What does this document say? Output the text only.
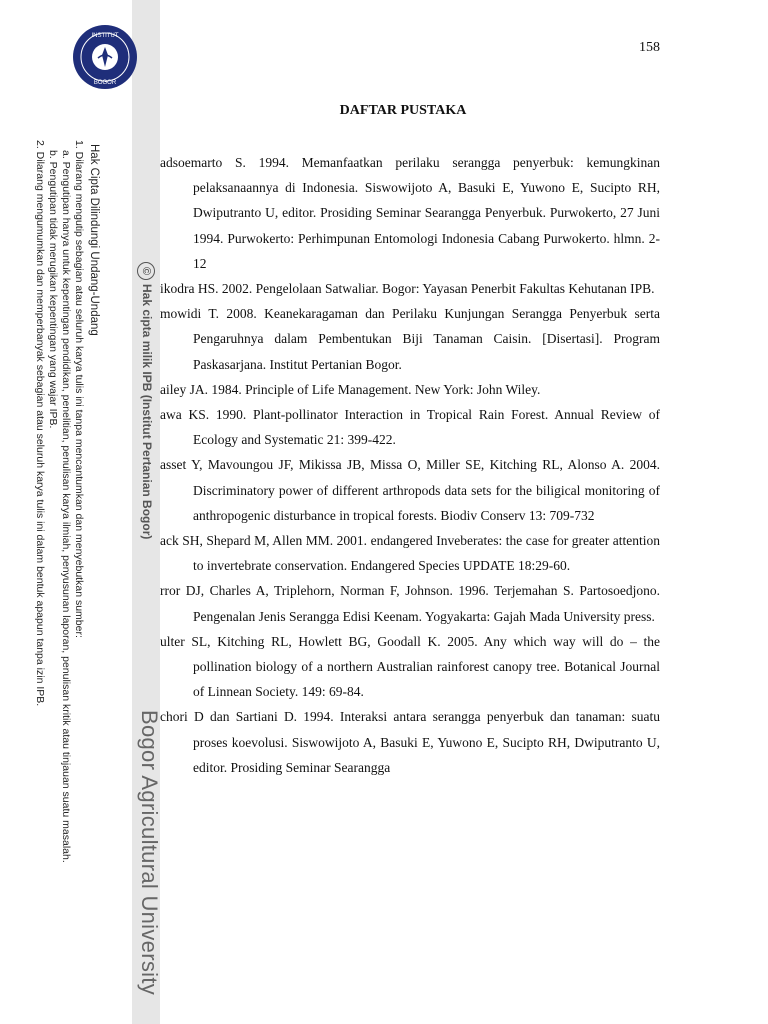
INSTITUT
BOGOR
Hak Cipta Dilindungi Undang-Undang
1. Dilarang mengutip sebagian atau seluruh karya tulis ini tanpa mencantumkan dan menyebutkan sumber:
a. Pengutipan hanya untuk kepentingan pendidikan, penelitian, penulisan karya ilmiah, penyusunan laporan, penulisan kritik atau tinjauan suatu masalah.
b. Pengutipan tidak merugikan kepentingan yang wajar IPB.
2. Dilarang mengumumkan dan memperbanyak sebagian atau seluruh karya tulis ini dalam bentuk apapun tanpa izin IPB.	©Hak cipta milik IPB (Institut Pertanian Bogor)
Bogor Agricultural University
158
DAFTAR PUSTAKA

adsoemarto S. 1994. Memanfaatkan perilaku serangga penyerbuk: kemungkinan pelaksanaannya di Indonesia. Siswowijoto A, Basuki E, Yuwono E, Sucipto RH, Dwiputranto U, editor. Prosiding Seminar Searangga Penyerbuk. Purwokerto, 27 Juni 1994. Purwokerto: Perhimpunan Entomologi Indonesia Cabang Purwokerto. hlmn. 2-12

ikodra HS. 2002. Pengelolaan Satwaliar. Bogor: Yayasan Penerbit Fakultas Kehutanan IPB.

mowidi T. 2008. Keanekaragaman dan Perilaku Kunjungan Serangga Penyerbuk serta Pengaruhnya dalam Pembentukan Biji Tanaman Caisin. [Disertasi]. Program Paskasarjana. Institut Pertanian Bogor.

ailey JA. 1984. Principle of Life Management. New York: John Wiley.

awa KS. 1990. Plant-pollinator Interaction in Tropical Rain Forest. Annual Review of Ecology and Systematic 21: 399-422.

asset Y, Mavoungou JF, Mikissa JB, Missa O, Miller SE, Kitching RL, Alonso A. 2004. Discriminatory power of different arthropods data sets for the biligical monitoring of anthropogenic disturbance in tropical forests. Biodiv Conserv 13: 709-732

ack SH, Shepard M, Allen MM. 2001. endangered Inveberates: the case for greater attention to invertebrate conservation. Endangered Species UPDATE 18:29-60.

rror DJ, Charles A, Triplehorn, Norman F, Johnson. 1996. Terjemahan S. Partosoedjono. Pengenalan Jenis Serangga Edisi Keenam. Yogyakarta: Gajah Mada University press.

ulter SL, Kitching RL, Howlett BG, Goodall K. 2005. Any which way will do – the pollination biology of a northern Australian rainforest canopy tree. Botanical Journal of Linnean Society. 149: 69-84.

chori D dan Sartiani D. 1994. Interaksi antara serangga penyerbuk dan tanaman: suatu proses koevolusi. Siswowijoto A, Basuki E, Yuwono E, Sucipto RH, Dwiputranto U, editor. Prosiding Seminar Searangga
